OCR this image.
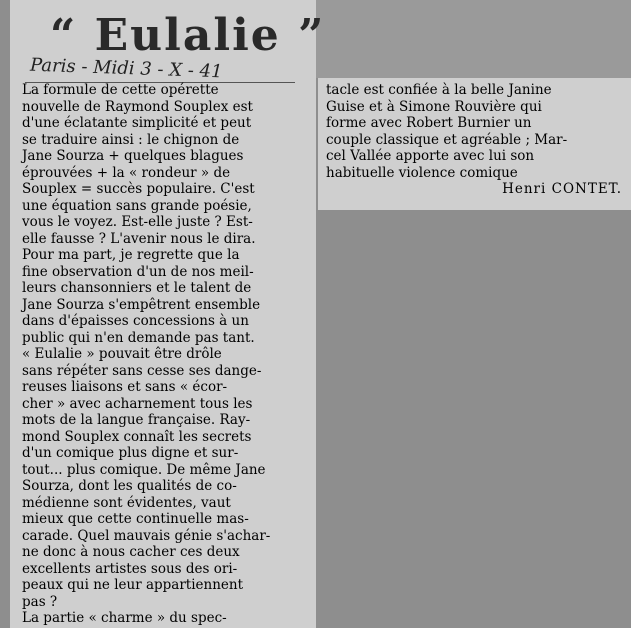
“ Eulalie ”
Paris - Midi 3 - X - 41
La formule de cette opérette
nouvelle de Raymond Souplex est
d'une éclatante simplicité et peut
se traduire ainsi : le chignon de
Jane Sourza + quelques blagues
éprouvées + la « rondeur » de
Souplex = succès populaire. C'est
une équation sans grande poésie,
vous le voyez. Est-elle juste ? Est-
elle fausse ? L'avenir nous le dira.
Pour ma part, je regrette que la
fine observation d'un de nos meil-
leurs chansonniers et le talent de
Jane Sourza s'empêtrent ensemble
dans d'épaisses concessions à un
public qui n'en demande pas tant.
« Eulalie » pouvait être drôle
sans répéter sans cesse ses dange-
reuses liaisons et sans « écor-
cher » avec acharnement tous les
mots de la langue française. Ray-
mond Souplex connaît les secrets
d'un comique plus digne et sur-
tout... plus comique. De même Jane
Sourza, dont les qualités de co-
médienne sont évidentes, vaut
mieux que cette continuelle mas-
carade. Quel mauvais génie s'achar-
ne donc à nous cacher ces deux
excellents artistes sous des ori-
peaux qui ne leur appartiennent
pas ?
La partie « charme » du spec-
tacle est confiée à la belle Janine
Guise et à Simone Rouvière qui
forme avec Robert Burnier un
couple classique et agréable ; Mar-
cel Vallée apporte avec lui son
habituelle violence comique
Henri CONTET.
